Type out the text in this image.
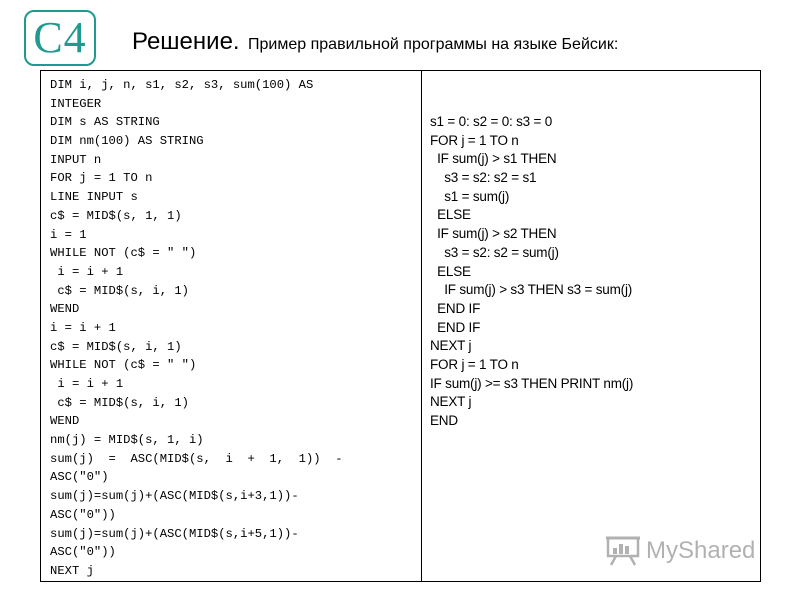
С4 Решение. Пример правильной программы на языке Бейсик:
DIM i, j, n, s1, s2, s3, sum(100) AS
INTEGER
DIM s AS STRING
DIM nm(100) AS STRING
INPUT n
FOR j = 1 TO n
LINE INPUT s
c$ = MID$(s, 1, 1)
i = 1
WHILE NOT (c$ = " ")
i = i + 1
c$ = MID$(s, i, 1)
WEND
i = i + 1
c$ = MID$(s, i, 1)
WHILE NOT (c$ = " ")
i = i + 1
c$ = MID$(s, i, 1)
WEND
nm(j) = MID$(s, 1, i)
sum(j)  =  ASC(MID$(s,  i  +  1,  1))  -
ASC("0")
sum(j)=sum(j)+(ASC(MID$(s,i+3,1))-
ASC("0"))
sum(j)=sum(j)+(ASC(MID$(s,i+5,1))-
ASC("0"))
NEXT j
s1 = 0: s2 = 0: s3 = 0
FOR j = 1 TO n
IF sum(j) > s1 THEN
s3 = s2: s2 = s1
s1 = sum(j)
ELSE
IF sum(j) > s2 THEN
s3 = s2: s2 = sum(j)
ELSE
IF sum(j) > s3 THEN s3 = sum(j)
END IF
END IF
NEXT j
FOR j = 1 TO n
IF sum(j) >= s3 THEN PRINT nm(j)
NEXT j
END
MyShared
